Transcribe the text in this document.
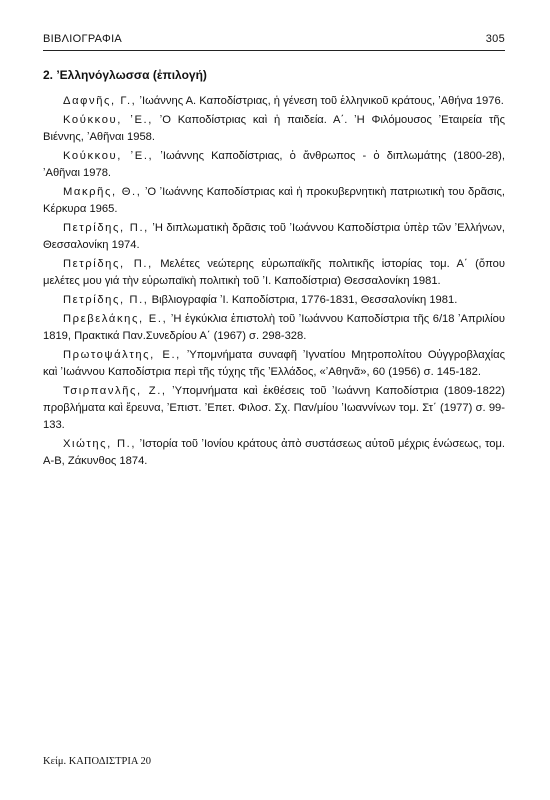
ΒΙΒΛΙΟΓΡΑΦΙΑ	305
2. ʼΕλληνόγλωσσα (ἐπιλογή)
Δαφνῆς, Γ., ʼΙωάννης Α. Καποδίστριας, ἡ γένεση τοῦ ἑλληνικοῦ κράτους, ʼΑθήνα 1976.
Κούκκου, ʼΕ., ʼΟ Καποδίστριας καὶ ἡ παιδεία. Α΄. ʼΗ Φιλόμουσος ʼΕταιρεία τῆς Βιέννης, ʼΑθῆναι 1958.
Κούκκου, ʼΕ., ʼΙωάννης Καποδίστριας, ὁ ἄνθρωπος - ὁ διπλωμάτης (1800-28), ʼΑθῆναι 1978.
Μακρῆς, Θ., ʼΟ ʼΙωάννης Καποδίστριας καὶ ἡ προκυβερνητικὴ πατριωτικὴ του δρᾶσις, Κέρκυρα 1965.
Πετρίδης, Π., ʼΗ διπλωματικὴ δρᾶσις τοῦ ʼΙωάννου Καποδίστρια ὑπὲρ τῶν ʼΕλλήνων, Θεσσαλονίκη 1974.
Πετρίδης, Π., Μελέτες νεώτερης εὐρωπαϊκῆς πολιτικῆς ἱστορίας τομ. Α΄ (ὅπου μελέτες μου γιά τὴν εὐρωπαϊκὴ πολιτικὴ τοῦ ʼΙ. Καποδίστρια) Θεσσαλονίκη 1981.
Πετρίδης, Π., Βιβλιογραφία ʼΙ. Καποδίστρια, 1776-1831, Θεσσαλονίκη 1981.
Πρεβελάκης, Ε., ʼΗ ἐγκύκλια ἐπιστολὴ τοῦ ʼΙωάννου Καποδίστρια τῆς 6/18 ʼΑπριλίου 1819, Πρακτικά Παν.Συνεδρίου Α΄ (1967) σ. 298-328.
Πρωτοψάλτης, Ε., ʼΥπομνήματα συναφῆ ʼΙγνατίου Μητροπολίτου Οὐγγροβλαχίας καὶ ʼΙωάννου Καποδίστρια περὶ τῆς τύχης τῆς ʼΕλλάδος, «ʼΑθηνᾶ», 60 (1956) σ. 145-182.
Τσιρπανλῆς, Ζ., ʼΥπομνήματα καὶ ἐκθέσεις τοῦ ʼΙωάννη Καποδίστρια (1809-1822) προβλήματα καὶ ἔρευνα, ʼΕπιστ. ʼΕπετ. Φιλοσ. Σχ. Παν/μίου ʼΙωαννίνων τομ. Στ΄ (1977) σ. 99-133.
Χιώτης, Π., ʼΙστορία τοῦ ʼΙονίου κράτους ἀπὸ συστάσεως αὐτοῦ μέχρις ἑνώσεως, τομ. Α-Β, Ζάκυνθος 1874.
Κείμ. ΚΑΠΟΔΙΣΤΡΙΑ 20
